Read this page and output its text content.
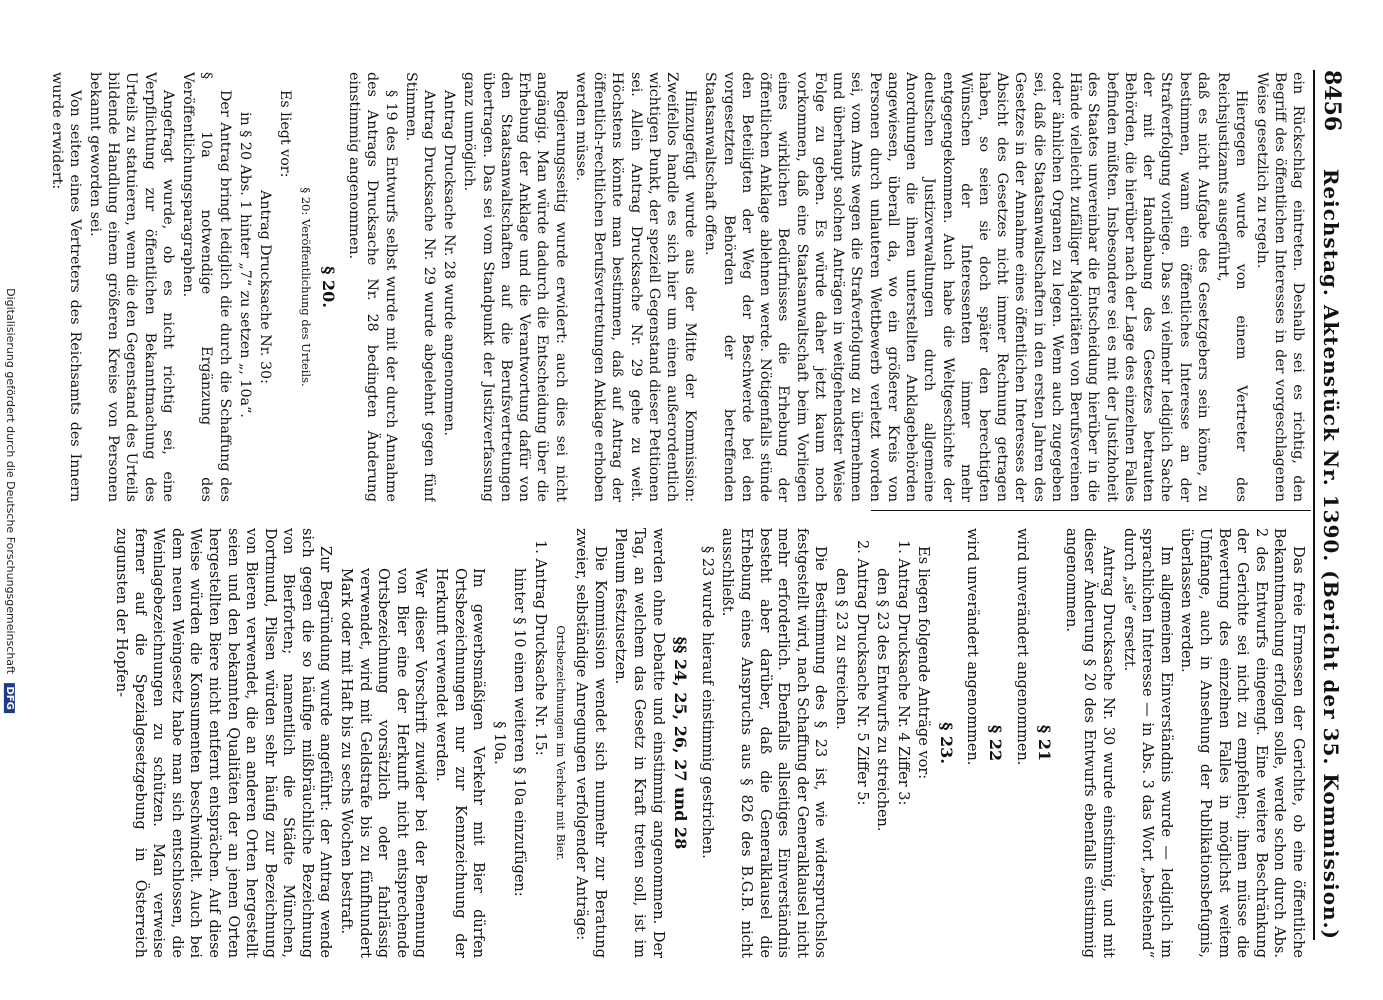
Digitalisierung gefördert durch die Deutsche Forschungsgemeinschaft DFG
8456
Reichstag. Aktenstück Nr. 1390. (Bericht der 35. Kommission.)

ein Rückschlag eintreten. Deshalb sei es richtig, den Begriff des öffentlichen Interesses in der vorgeschlagenen Weise gesetzlich zu regeln.

Hiergegen wurde von einem Vertreter des Reichsjustizamts ausgeführt,

daß es nicht Aufgabe des Gesetzgebers sein könne, zu bestimmen, wann ein öffentliches Interesse an der Strafverfolgung vorliege. Das sei vielmehr lediglich Sache der mit der Handhabung des Gesetzes betrauten Behörden, die hierüber nach der Lage des einzelnen Falles befinden müßten. Insbesondere sei es mit der Justizhoheit des Staates unvereinbar die Entscheidung hierüber in die Hände vielleicht zufälliger Majoritäten von Berufsvereinen oder ähnlichen Organen zu legen. Wenn auch zugegeben sei, daß die Staatsanwaltschaften in den ersten Jahren des Gesetzes in der Annahme eines öffentlichen Interesses der Absicht des Gesetzes nicht immer Rechnung getragen haben, so seien sie doch später den berechtigten Wünschen der Interessenten immer mehr entgegengekommen. Auch habe die Weltgeschichte der deutschen Justizverwaltungen durch allgemeine Anordnungen die ihnen unterstellten Anklagebehörden angewiesen, überall da, wo ein größerer Kreis von Personen durch unlauteren Wettbewerb verletzt worden sei, vom Amts wegen die Strafverfolgung zu übernehmen und überhaupt solchen Anträgen in weitgehendster Weise Folge zu geben. Es würde daher jetzt kaum noch vorkommen, daß eine Staatsanwaltschaft beim Vorliegen eines wirklichen Bedürfnisses die Erhebung der öffentlichen Anklage ablehnen werde. Nötigenfalls stünde den Beteiligten der Weg der Beschwerde bei den vorgesetzten Behörden der betreffenden Staatsanwaltschaft offen.

Hinzugefügt wurde aus der Mitte der Kommission: Zweifellos handle es sich hier um einen außerordentlich wichtigen Punkt, der speziell Gegenstand dieser Petitionen sei. Allein Antrag Drucksache Nr. 29 gehe zu weit. Höchstens könnte man bestimmen, daß auf Antrag der öffentlich-rechtlichen Berufsvertretungen Anklage erhoben werden müsse.

Regierungsseitig wurde erwidert: auch dies sei nicht angängig. Man würde dadurch die Entscheidung über die Erhebung der Anklage und die Verantwortung dafür von den Staatsanwaltschaften auf die Berufsvertretungen übertragen. Das sei vom Standpunkt der Justizverfassung ganz unmöglich.

Antrag Drucksache Nr. 28 wurde angenommen.

Antrag Drucksache Nr. 29 wurde abgelehnt gegen fünf Stimmen.

§ 19 des Entwurfs selbst wurde mit der durch Annahme des Antrags Drucksache Nr. 28 bedingten Änderung einstimmig angenommen.

§ 20.
§ 20: Veröffentlichung des Urteils.

Es liegt vor:

Antrag Drucksache Nr. 30:

in § 20 Abs. 1 hinter „7“ zu setzen „, 10a“.

Der Antrag bringt lediglich die durch die Schaffung des § 10a notwendige Ergänzung des Veröffentlichungsparagraphen.

Angefragt wurde, ob es nicht richtig sei, eine Verpflichtung zur öffentlichen Bekanntmachung des Urteils zu statuieren, wenn die den Gegenstand des Urteils bildende Handlung einem größeren Kreise von Personen bekannt geworden sei.

Von seiten eines Vertreters des Reichsamts des Innern wurde erwidert:

Das freie Ermessen der Gerichte, ob eine öffentliche Bekanntmachung erfolgen solle, werde schon durch Abs. 2 des Entwurfs eingeengt. Eine weitere Beschränkung der Gerichte sei nicht zu empfehlen; ihnen müsse die Bewertung des einzelnen Falles in möglichst weitem Umfange, auch in Ansehung der Publikationsbefugnis, überlassen werden.

Im allgemeinen Einverständnis wurde — lediglich im sprachlichen Interesse — in Abs. 3 das Wort „bestehend“ durch „sie“ ersetzt.

Antrag Drucksache Nr. 30 wurde einstimmig, und mit dieser Änderung § 20 des Entwurfs ebenfalls einstimmig angenommen.

§ 21

wird unverändert angenommen.

§ 22

wird unverändert angenommen.

§ 23.

Es liegen folgende Anträge vor:

1. Antrag Drucksache Nr. 4 Ziffer 3:

den § 23 des Entwurfs zu streichen.

2. Antrag Drucksache Nr. 5 Ziffer 5:

den § 23 zu streichen.

Die Bestimmung des § 23 ist, wie widerspruchslos festgestellt wird, nach Schaffung der Generalklausel nicht mehr erforderlich. Ebenfalls allseitiges Einverständnis besteht aber darüber, daß die Generalklausel die Erhebung eines Anspruchs aus § 826 des B.G.B. nicht ausschließt.

§ 23 wurde hierauf einstimmig gestrichen.

§§ 24, 25, 26, 27 und 28

werden ohne Debatte und einstimmig angenommen. Der Tag, an welchem das Gesetz in Kraft treten soll, ist im Plenum festzusetzen.

Die Kommission wendet sich nunmehr zur Beratung zweier, selbständige Anregungen verfolgender Anträge:

Ortsbezeichnungen im Verkehr mit Bier.

1. Antrag Drucksache Nr. 15:

hinter § 10 einen weiteren § 10a einzufügen:

§ 10a.

Im gewerbsmäßigen Verkehr mit Bier dürfen Ortsbezeichnungen nur zur Kennzeichnung der Herkunft verwendet werden.

Wer dieser Vorschrift zuwider bei der Benennung von Bier eine der Herkunft nicht entsprechende Ortsbezeichnung vorsätzlich oder fahrlässig verwendet, wird mit Geldstrafe bis zu fünfhundert Mark oder mit Haft bis zu sechs Wochen bestraft.

Zur Begründung wurde angeführt: der Antrag wende sich gegen die so häufige mißbräuchliche Bezeichnung von Bierforten; namentlich die Städte München, Dortmund, Pilsen würden sehr häufig zur Bezeichnung von Bieren verwendet, die an anderen Orten hergestellt seien und den bekannten Qualitäten der an jenen Orten hergestellten Biere nicht entfernt entsprächen. Auf diese Weise würden die Konsumenten beschwindelt. Auch bei dem neuen Weingesetz habe man sich entschlossen, die Weinlagebezeichnungen zu schützen. Man verweise ferner auf die Spezialgesetzgebung in Österreich zugunsten der Hopfen-
